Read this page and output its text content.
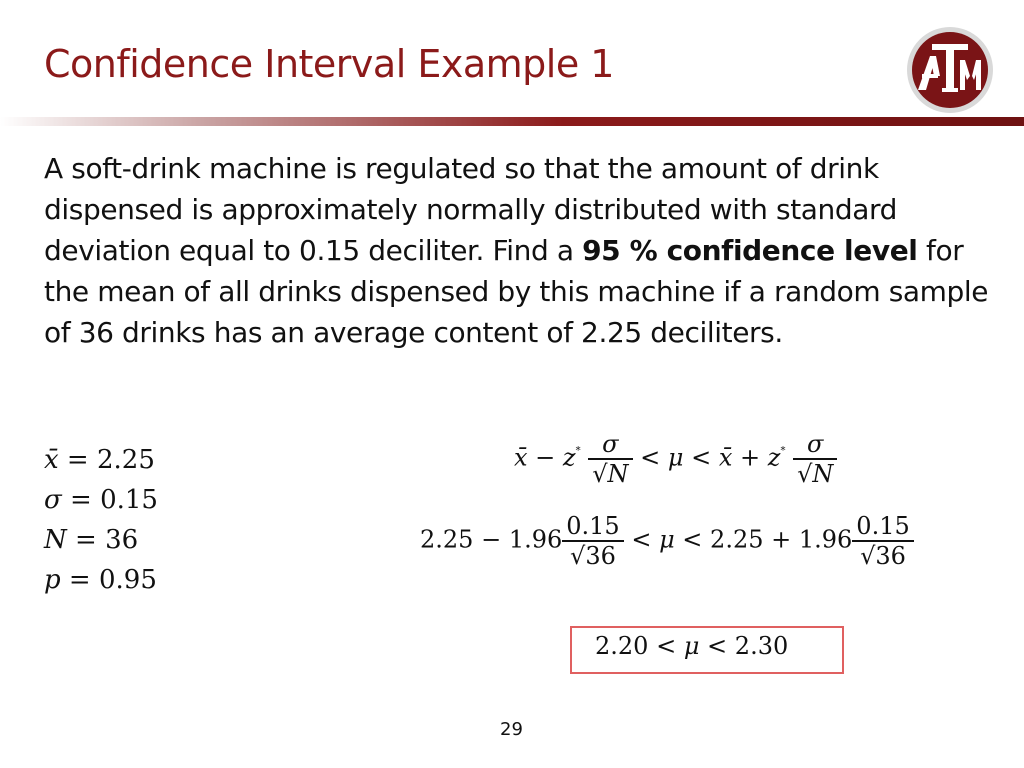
Confidence Interval Example 1
A soft-drink machine is regulated so that the amount of drink dispensed is approximately normally distributed with standard deviation equal to 0.15 deciliter. Find a 95 % confidence level for the mean of all drinks dispensed by this machine if a random sample of 36 drinks has an average content of 2.25 deciliters.
x̄ = 2.25
σ = 0.15
N = 36
p = 0.95
x̄ − $z^* \frac{\sigma}{√N} < \mu$ < x̄ + $z^* \frac{\sigma}{√N}$
$2.25 - 1.96 \frac{0.15}{√36} < \mu < 2.25 + 1.96 \frac{0.15}{√36}$
2.20 < μ < 2.30
29
